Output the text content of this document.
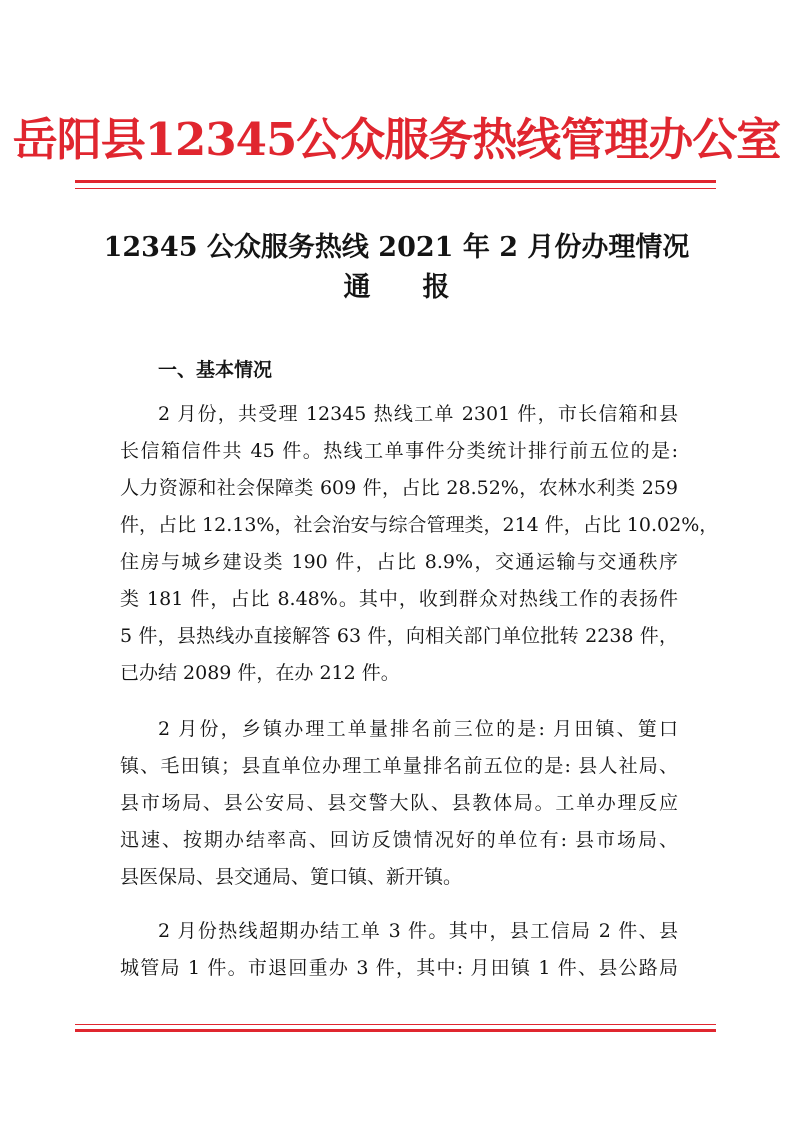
岳阳县12345公众服务热线管理办公室
12345 公众服务热线 2021 年 2 月份办理情况
通报
一、基本情况
2 月份，共受理 12345 热线工单 2301 件，市长信箱和县
长信箱信件共 45 件。热线工单事件分类统计排行前五位的是:
人力资源和社会保障类 609 件，占比 28.52%，农林水利类 259
件，占比 12.13%，社会治安与综合管理类，214 件，占比 10.02%，
住房与城乡建设类 190 件，占比 8.9%，交通运输与交通秩序
类 181 件，占比 8.48%。其中，收到群众对热线工作的表扬件
5 件，县热线办直接解答 63 件，向相关部门单位批转 2238 件，
已办结 2089 件，在办 212 件。
2 月份，乡镇办理工单量排名前三位的是: 月田镇、筻口
镇、毛田镇；县直单位办理工单量排名前五位的是: 县人社局、
县市场局、县公安局、县交警大队、县教体局。工单办理反应
迅速、按期办结率高、回访反馈情况好的单位有: 县市场局、
县医保局、县交通局、筻口镇、新开镇。
2 月份热线超期办结工单 3 件。其中，县工信局 2 件、县
城管局 1 件。市退回重办 3 件，其中: 月田镇 1 件、县公路局
